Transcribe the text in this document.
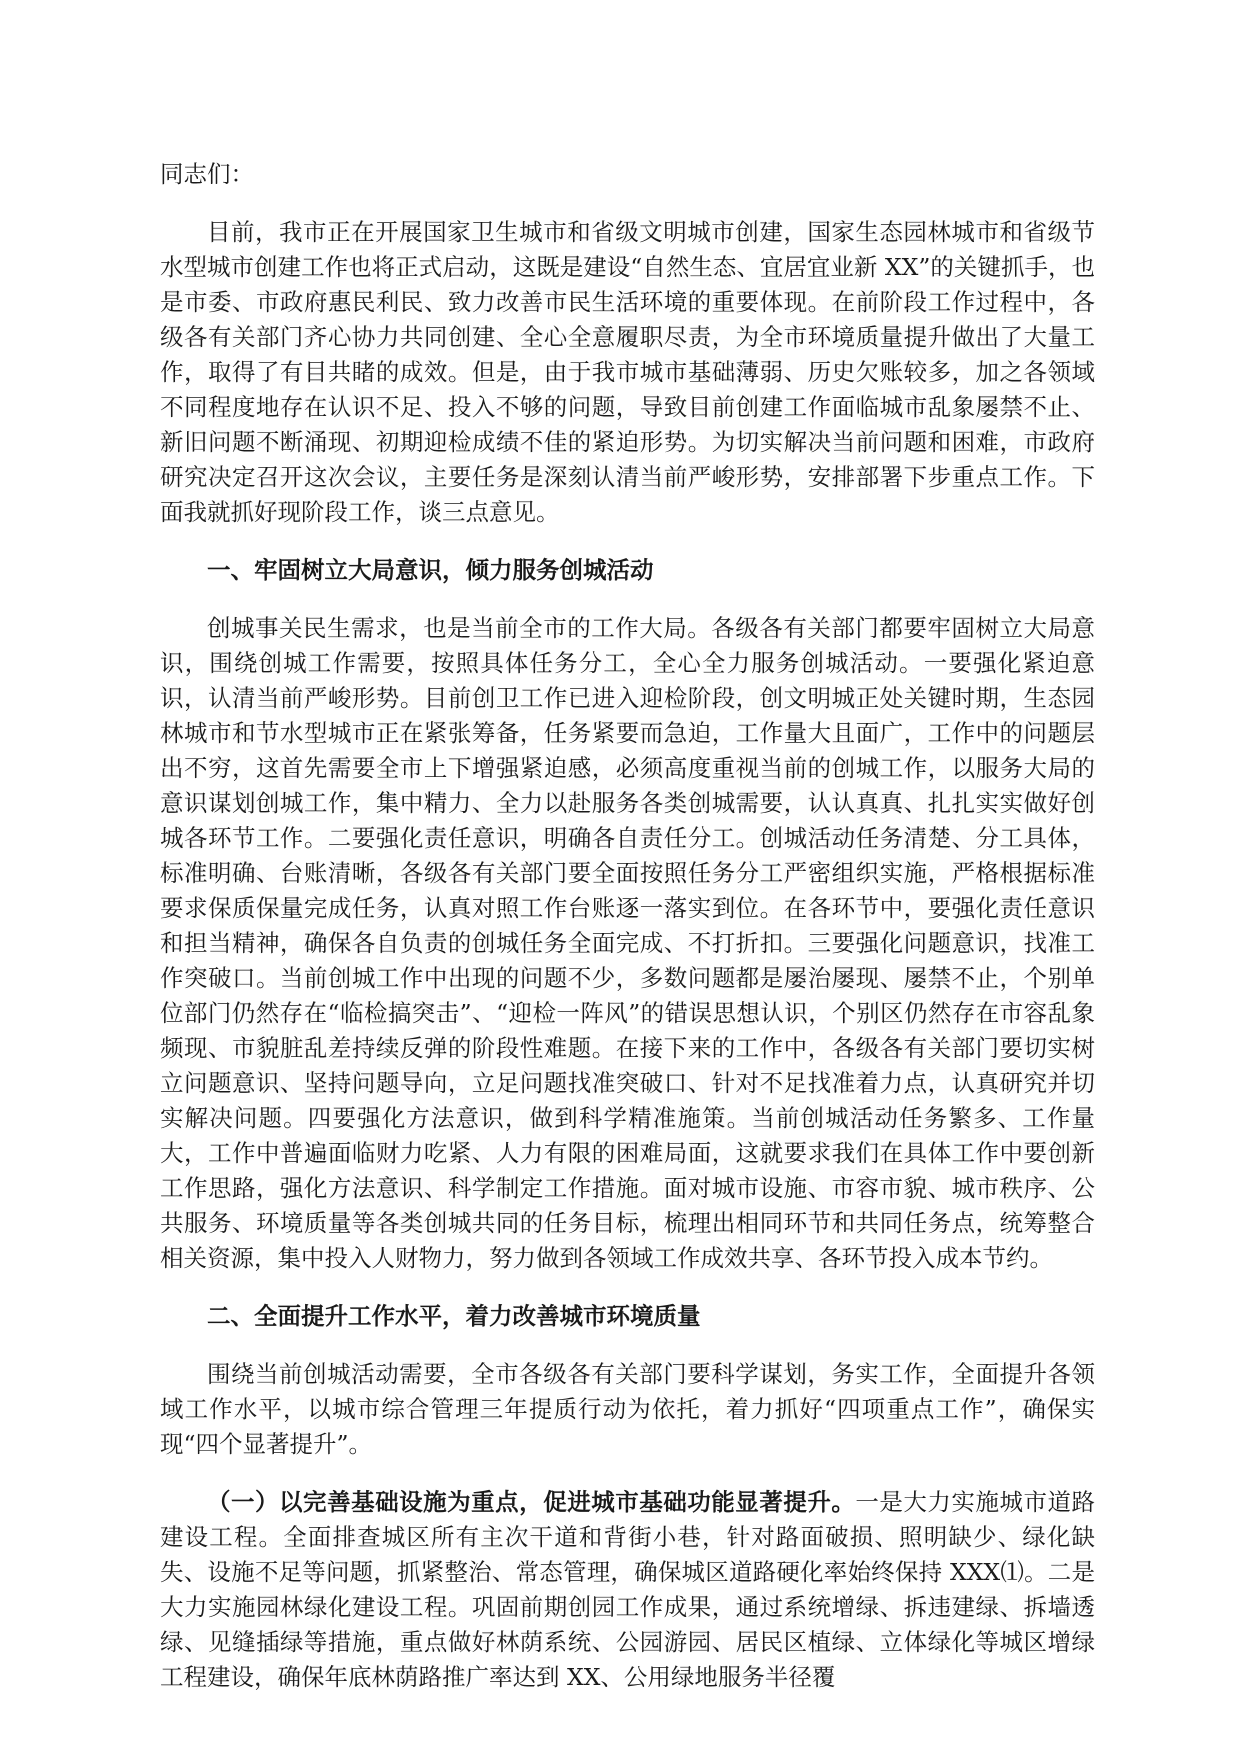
同志们：

目前，我市正在开展国家卫生城市和省级文明城市创建，国家生态园林城市和省级节水型城市创建工作也将正式启动，这既是建设“自然生态、宜居宜业新 XX”的关键抓手，也是市委、市政府惠民利民、致力改善市民生活环境的重要体现。在前阶段工作过程中，各级各有关部门齐心协力共同创建、全心全意履职尽责，为全市环境质量提升做出了大量工作，取得了有目共睹的成效。但是，由于我市城市基础薄弱、历史欠账较多，加之各领域不同程度地存在认识不足、投入不够的问题，导致目前创建工作面临城市乱象屡禁不止、新旧问题不断涌现、初期迎检成绩不佳的紧迫形势。为切实解决当前问题和困难，市政府研究决定召开这次会议，主要任务是深刻认清当前严峻形势，安排部署下步重点工作。下面我就抓好现阶段工作，谈三点意见。

一、牢固树立大局意识，倾力服务创城活动

创城事关民生需求，也是当前全市的工作大局。各级各有关部门都要牢固树立大局意识，围绕创城工作需要，按照具体任务分工，全心全力服务创城活动。一要强化紧迫意识，认清当前严峻形势。目前创卫工作已进入迎检阶段，创文明城正处关键时期，生态园林城市和节水型城市正在紧张筹备，任务紧要而急迫，工作量大且面广，工作中的问题层出不穷，这首先需要全市上下增强紧迫感，必须高度重视当前的创城工作，以服务大局的意识谋划创城工作，集中精力、全力以赴服务各类创城需要，认认真真、扎扎实实做好创城各环节工作。二要强化责任意识，明确各自责任分工。创城活动任务清楚、分工具体，标准明确、台账清晰，各级各有关部门要全面按照任务分工严密组织实施，严格根据标准要求保质保量完成任务，认真对照工作台账逐一落实到位。在各环节中，要强化责任意识和担当精神，确保各自负责的创城任务全面完成、不打折扣。三要强化问题意识，找准工作突破口。当前创城工作中出现的问题不少，多数问题都是屡治屡现、屡禁不止，个别单位部门仍然存在“临检搞突击”、“迎检一阵风”的错误思想认识，个别区仍然存在市容乱象频现、市貌脏乱差持续反弹的阶段性难题。在接下来的工作中，各级各有关部门要切实树立问题意识、坚持问题导向，立足问题找准突破口、针对不足找准着力点，认真研究并切实解决问题。四要强化方法意识，做到科学精准施策。当前创城活动任务繁多、工作量大，工作中普遍面临财力吃紧、人力有限的困难局面，这就要求我们在具体工作中要创新工作思路，强化方法意识、科学制定工作措施。面对城市设施、市容市貌、城市秩序、公共服务、环境质量等各类创城共同的任务目标，梳理出相同环节和共同任务点，统筹整合相关资源，集中投入人财物力，努力做到各领域工作成效共享、各环节投入成本节约。

二、全面提升工作水平，着力改善城市环境质量

围绕当前创城活动需要，全市各级各有关部门要科学谋划，务实工作，全面提升各领域工作水平，以城市综合管理三年提质行动为依托，着力抓好“四项重点工作”，确保实现“四个显著提升”。

（一）以完善基础设施为重点，促进城市基础功能显著提升。一是大力实施城市道路建设工程。全面排查城区所有主次干道和背街小巷，针对路面破损、照明缺少、绿化缺失、设施不足等问题，抓紧整治、常态管理，确保城区道路硬化率始终保持 XXX⑴。二是大力实施园林绿化建设工程。巩固前期创园工作成果，通过系统增绿、拆违建绿、拆墙透绿、见缝插绿等措施，重点做好林荫系统、公园游园、居民区植绿、立体绿化等城区增绿工程建设，确保年底林荫路推广率达到 XX、公用绿地服务半径覆
